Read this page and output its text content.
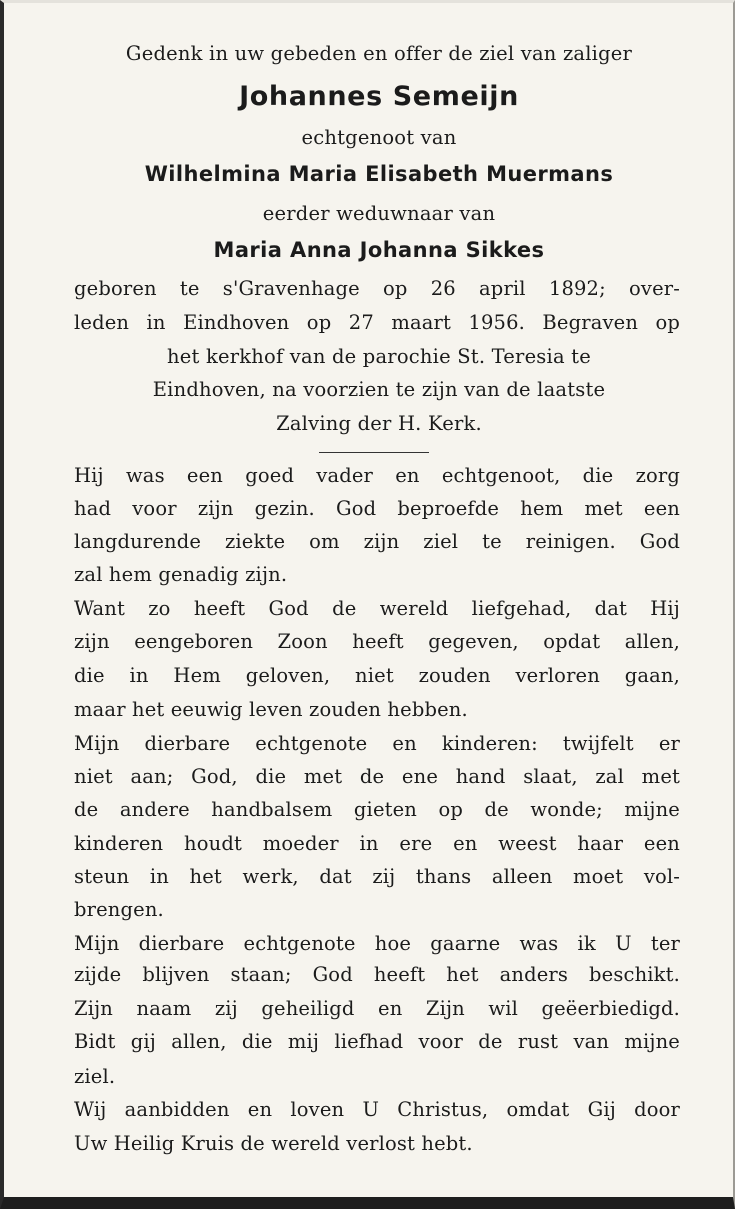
Gedenk in uw gebeden en offer de ziel van zaliger
Johannes Semeijn
echtgenoot van
Wilhelmina Maria Elisabeth Muermans
eerder weduwnaar van
Maria Anna Johanna Sikkes
geboren te s'Gravenhage op 26 april 1892; over-
leden in Eindhoven op 27 maart 1956. Begraven op
het kerkhof van de parochie St. Teresia te
Eindhoven, na voorzien te zijn van de laatste
Zalving der H. Kerk.
Hij was een goed vader en echtgenoot, die zorg
had voor zijn gezin. God beproefde hem met een
langdurende ziekte om zijn ziel te reinigen. God
zal hem genadig zijn.
Want zo heeft God de wereld liefgehad, dat Hij
zijn eengeboren Zoon heeft gegeven, opdat allen,
die in Hem geloven, niet zouden verloren gaan,
maar het eeuwig leven zouden hebben.
Mijn dierbare echtgenote en kinderen: twijfelt er
niet aan; God, die met de ene hand slaat, zal met
de andere handbalsem gieten op de wonde; mijne
kinderen houdt moeder in ere en weest haar een
steun in het werk, dat zij thans alleen moet vol-
brengen.
Mijn dierbare echtgenote hoe gaarne was ik U ter
zijde blijven staan; God heeft het anders beschikt.
Zijn naam zij geheiligd en Zijn wil geëerbiedigd.
Bidt gij allen, die mij liefhad voor de rust van mijne
ziel.
Wij aanbidden en loven U Christus, omdat Gij door
Uw Heilig Kruis de wereld verlost hebt.
